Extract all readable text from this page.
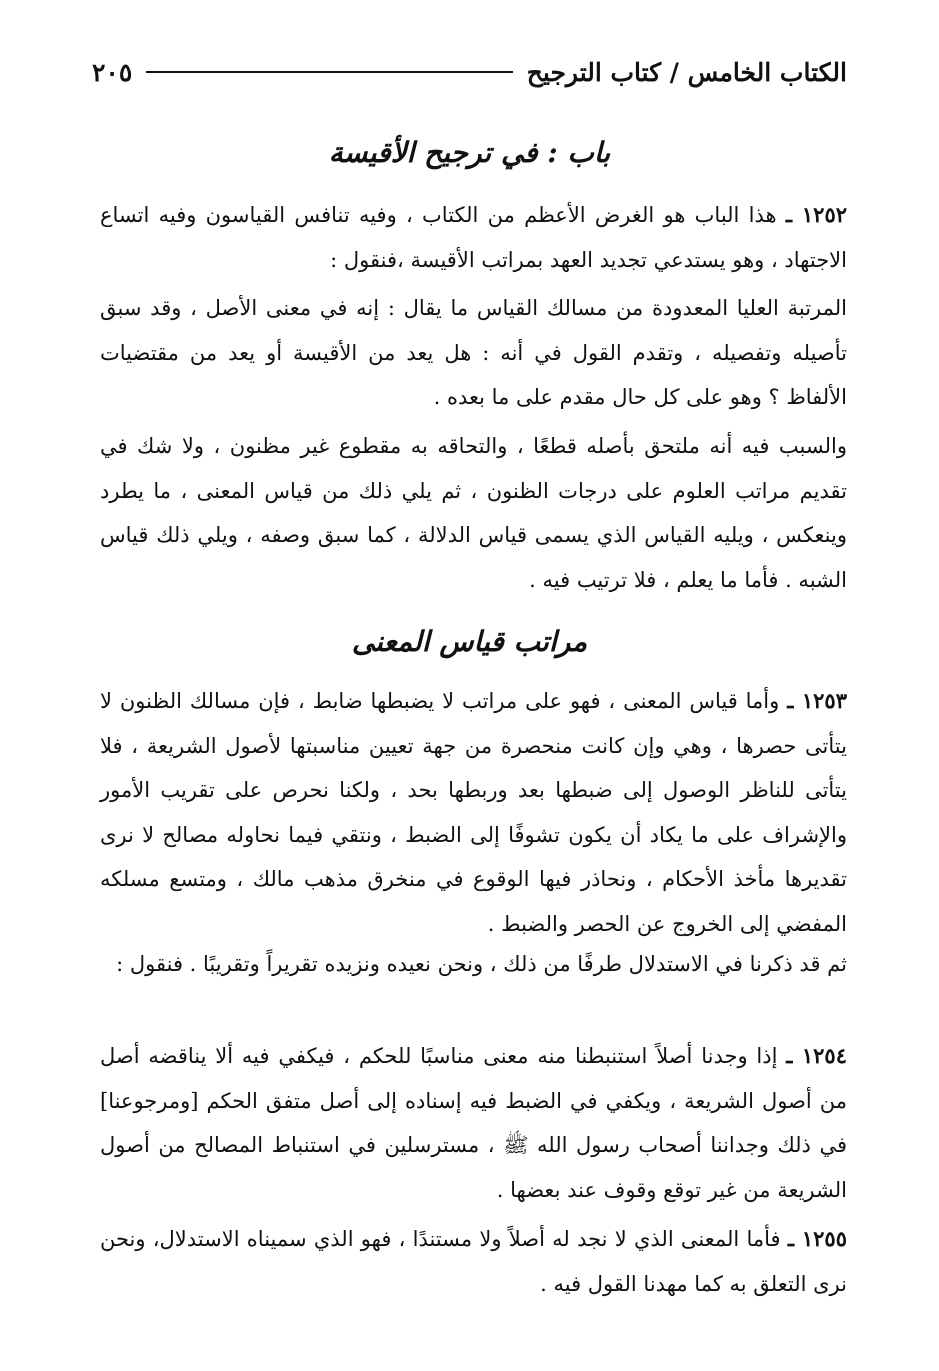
الكتاب الخامس / كتاب الترجيح
٢٠٥
باب : في ترجيح الأقيسة

١٢٥٢ ـ هذا الباب هو الغرض الأعظم من الكتاب ، وفيه تنافس القياسون وفيه اتساع الاجتهاد ، وهو يستدعي تجديد العهد بمراتب الأقيسة ،فنقول :

المرتبة العليا المعدودة من مسالك القياس ما يقال : إنه في معنى الأصل ، وقد سبق تأصيله وتفصيله ، وتقدم القول في أنه : هل يعد من الأقيسة أو يعد من مقتضيات الألفاظ ؟ وهو على كل حال مقدم على ما بعده .

والسبب فيه أنه ملتحق بأصله قطعًا ، والتحاقه به مقطوع غير مظنون ، ولا شك في تقديم مراتب العلوم على درجات الظنون ، ثم يلي ذلك من قياس المعنى ، ما يطرد وينعكس ، ويليه القياس الذي يسمى قياس الدلالة ، كما سبق وصفه ، ويلي ذلك قياس الشبه . فأما ما يعلم ، فلا ترتيب فيه .

مراتب قياس المعنى

١٢٥٣ ـ وأما قياس المعنى ، فهو على مراتب لا يضبطها ضابط ، فإن مسالك الظنون لا يتأتى حصرها ، وهي وإن كانت منحصرة من جهة تعيين مناسبتها لأصول الشريعة ، فلا يتأتى للناظر الوصول إلى ضبطها بعد وربطها بحد ، ولكنا نحرص على تقريب الأمور والإشراف على ما يكاد أن يكون تشوفًا إلى الضبط ، ونتقي فيما نحاوله مصالح لا نرى تقديرها مأخذ الأحكام ، ونحاذر فيها الوقوع في منخرق مذهب مالك ، ومتسع مسلكه المفضي إلى الخروج عن الحصر والضبط .

ثم قد ذكرنا في الاستدلال طرفًا من ذلك ، ونحن نعيده ونزيده تقريراً وتقريبًا . فنقول :

١٢٥٤ ـ إذا وجدنا أصلاً استنبطنا منه معنى مناسبًا للحكم ، فيكفي فيه ألا يناقضه أصل من أصول الشريعة ، ويكفي في الضبط فيه إسناده إلى أصل متفق الحكم [ومرجوعنا] في ذلك وجداننا أصحاب رسول الله ﷺ ، مسترسلين في استنباط المصالح من أصول الشريعة من غير توقع وقوف عند بعضها .

١٢٥٥ ـ فأما المعنى الذي لا نجد له أصلاً ولا مستندًا ، فهو الذي سميناه الاستدلال، ونحن نرى التعلق به كما مهدنا القول فيه .
